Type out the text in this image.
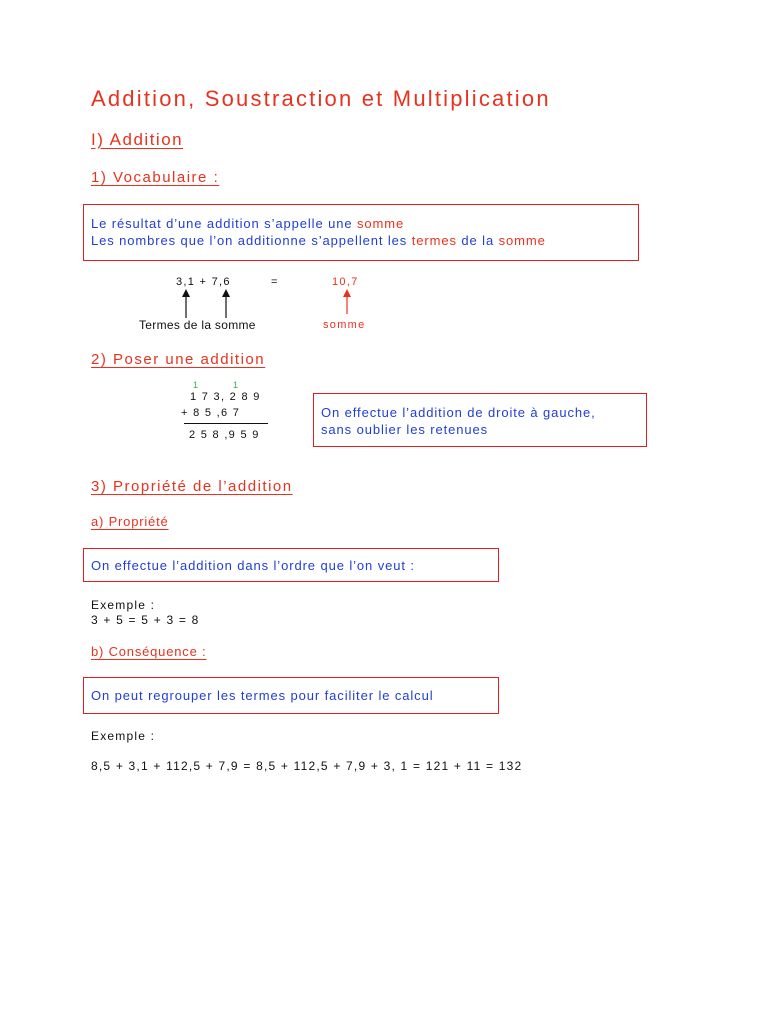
Addition, Soustraction et Multiplication
I) Addition
1) Vocabulaire :
Le résultat d’une addition s’appelle une somme
Les nombres que l’on additionne s’appellent les termes de la somme
3,1 + 7,6	=	10,7
Termes de la somme	somme
2) Poser une addition
1	1
1 7 3, 2 8 9
+ 8 5 ,6 7
2 5 8 ,9 5 9
On effectue l’addition de droite à gauche,
sans oublier les retenues
3) Propriété de l’addition
a) Propriété
On effectue l’addition dans l’ordre que l’on veut :
Exemple :
3 + 5 = 5 + 3 = 8
b) Conséquence :
On peut regrouper les termes pour faciliter le calcul
Exemple :
8,5 + 3,1 + 112,5 + 7,9 = 8,5 + 112,5 + 7,9 + 3, 1 = 121 + 11 = 132
